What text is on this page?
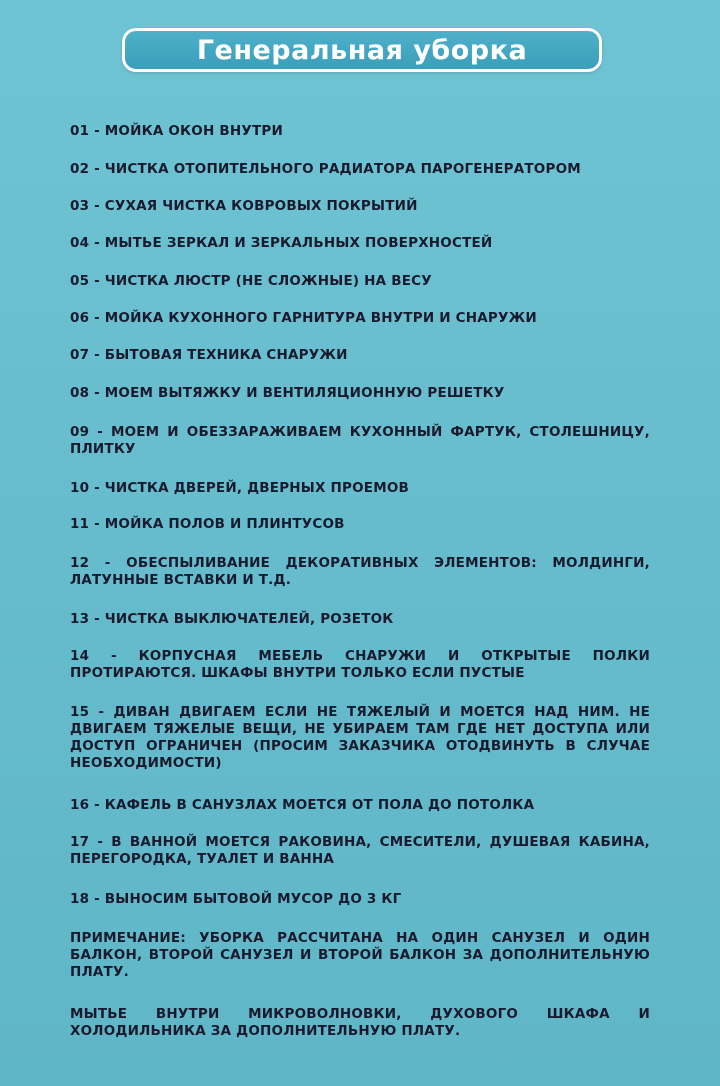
Генеральная уборка
01 - МОЙКА ОКОН ВНУТРИ
02 - ЧИСТКА ОТОПИТЕЛЬНОГО РАДИАТОРА ПАРОГЕНЕРАТОРОМ
03 - СУХАЯ ЧИСТКА КОВРОВЫХ ПОКРЫТИЙ
04 - МЫТЬЕ ЗЕРКАЛ И ЗЕРКАЛЬНЫХ ПОВЕРХНОСТЕЙ
05 - ЧИСТКА ЛЮСТР (НЕ СЛОЖНЫЕ) НА ВЕСУ
06 - МОЙКА КУХОННОГО ГАРНИТУРА ВНУТРИ И СНАРУЖИ
07 - БЫТОВАЯ ТЕХНИКА СНАРУЖИ
08 - МОЕМ ВЫТЯЖКУ И ВЕНТИЛЯЦИОННУЮ РЕШЕТКУ
09 - МОЕМ И ОБЕЗЗАРАЖИВАЕМ КУХОННЫЙ ФАРТУК, СТОЛЕШНИЦУ, ПЛИТКУ
10 - ЧИСТКА ДВЕРЕЙ, ДВЕРНЫХ ПРОЕМОВ
11 - МОЙКА ПОЛОВ И ПЛИНТУСОВ
12 - ОБЕСПЫЛИВАНИЕ ДЕКОРАТИВНЫХ ЭЛЕМЕНТОВ: МОЛДИНГИ, ЛАТУННЫЕ ВСТАВКИ И Т.Д.
13 - ЧИСТКА ВЫКЛЮЧАТЕЛЕЙ, РОЗЕТОК
14 - КОРПУСНАЯ МЕБЕЛЬ СНАРУЖИ И ОТКРЫТЫЕ ПОЛКИ ПРОТИРАЮТСЯ. ШКАФЫ ВНУТРИ ТОЛЬКО ЕСЛИ ПУСТЫЕ
15 - ДИВАН ДВИГАЕМ ЕСЛИ НЕ ТЯЖЕЛЫЙ И МОЕТСЯ НАД НИМ. НЕ ДВИГАЕМ ТЯЖЕЛЫЕ ВЕЩИ, НЕ УБИРАЕМ ТАМ ГДЕ НЕТ ДОСТУПА ИЛИ ДОСТУП ОГРАНИЧЕН (ПРОСИМ ЗАКАЗЧИКА ОТОДВИНУТЬ В СЛУЧАЕ НЕОБХОДИМОСТИ)
16 - КАФЕЛЬ В САНУЗЛАХ МОЕТСЯ ОТ ПОЛА ДО ПОТОЛКА
17 - В ВАННОЙ МОЕТСЯ РАКОВИНА, СМЕСИТЕЛИ, ДУШЕВАЯ КАБИНА, ПЕРЕГОРОДКА, ТУАЛЕТ И ВАННА
18 - ВЫНОСИМ БЫТОВОЙ МУСОР ДО 3 КГ
ПРИМЕЧАНИЕ: УБОРКА РАССЧИТАНА НА ОДИН САНУЗЕЛ И ОДИН БАЛКОН, ВТОРОЙ САНУЗЕЛ И ВТОРОЙ БАЛКОН ЗА ДОПОЛНИТЕЛЬНУЮ ПЛАТУ.
МЫТЬЕ ВНУТРИ МИКРОВОЛНОВКИ, ДУХОВОГО ШКАФА И ХОЛОДИЛЬНИКА ЗА ДОПОЛНИТЕЛЬНУЮ ПЛАТУ.
